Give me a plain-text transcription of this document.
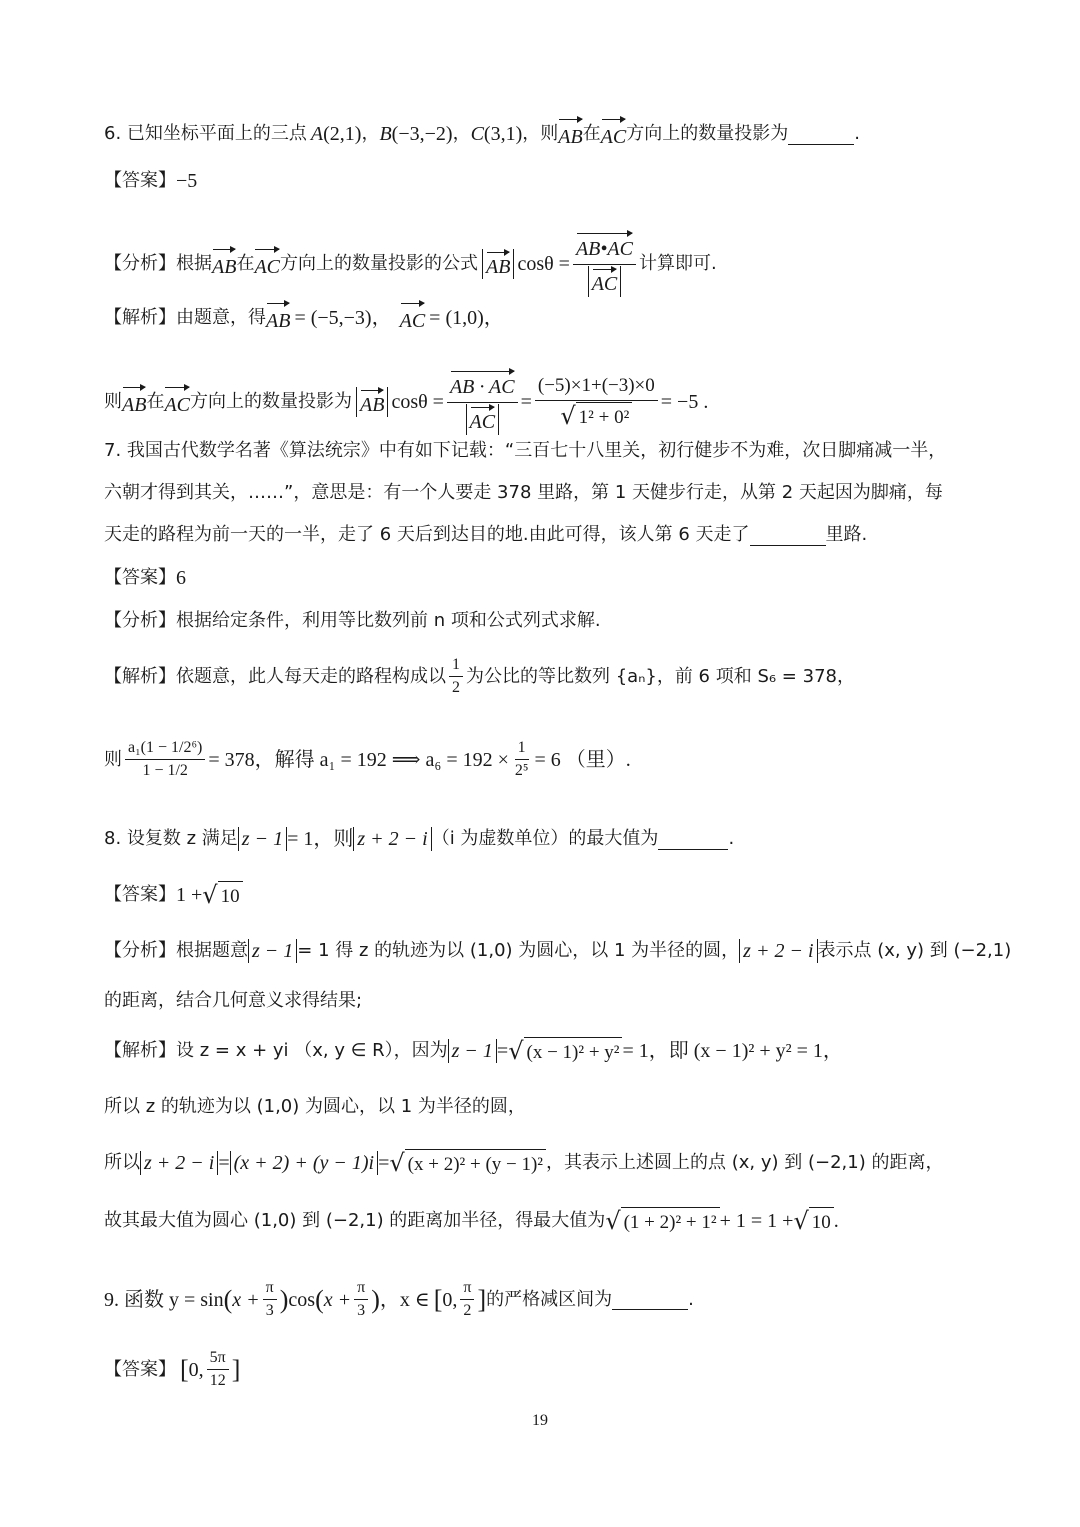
6. 已知坐标平面上的三点 A (2,1) ， B (−3,−2) ， C (3,1) ，则 AB 在 AC 方向上的数量投影为	.
【答案】 −5
【分析】 根据 AB 在 AC 方向上的数量投影的公式 AB $\cos\theta = \frac{AB•AC}{AC}$ 计算即可.
【解析】 由题意，得 AB = (−5,−3)， AC = (1,0)，
则 AB 在 AC 方向上的数量投影为 AB $\cos\theta = \frac{AB \cdot AC}{AC} = \frac{(-5)\times 1+(-3)\times 0}{\text{√ 1² + 0²}} = -5$ .
7. 我国古代数学名著《算法统宗》中有如下记载：“三百七十八里关，初行健步不为难，次日脚痛减一半，
六朝才得到其关，……”，意思是：有一个人要走 378 里路，第 1 天健步行走，从第 2 天起因为脚痛，每
天走的路程为前一天的一半，走了 6 天后到达目的地.由此可得，该人第 6 天走了	里路.
【答案】 6
【分析】 根据给定条件，利用等比数列前 n 项和公式列式求解.
【解析】 依题意，此人每天走的路程构成以 $\frac{1}{2}$ 为公比的等比数列 {aₙ}，前 6 项和 S₆ = 378，
则 $\frac{\text{a₁(1 − 1/2⁶)}}{1 - 1/2} = 378$，解得 a₁ = 192 ⟹ $a_6 = 192 \times \frac{1}{\text{2⁵}} = 6$ （里）.
8. 设复数 z 满足 z − 1 = 1，则 z + 2 − i （i 为虚数单位）的最大值为	.
【答案】 1 + √ 10
【分析】 根据题意 z − 1 = 1 得 z 的轨迹为以 (1,0) 为圆心，以 1 为半径的圆， z + 2 − i 表示点 (x, y) 到 (−2,1)
的距离，结合几何意义求得结果;
【解析】 设 z = x + yi （x, y ∈ R），因为 z − 1 = √ (x − 1)² + y² = 1，即 (x − 1)² + y² = 1，
所以 z 的轨迹为以 (1,0) 为圆心，以 1 为半径的圆，
所以 z + 2 − i = (x + 2) + (y − 1)i = √ (x + 2)² + (y − 1)² ，其表示上述圆上的点 (x, y) 到 (−2,1) 的距离，
故其最大值为圆心 (1,0) 到 (−2,1) 的距离加半径，得最大值为 √ (1 + 2)² + 1² + 1 = 1 + √ 10 .
9. 函数 y = sin ( $x + \frac{\pi}{3}$ ) cos ( $x + \frac{\pi}{3}$ ) ，x ∈ [ 0, $\frac{\pi}{2}$ ] 的严格减区间为	.
【答案】 [ 0, $\frac{5\pi}{12}$ ]
19
